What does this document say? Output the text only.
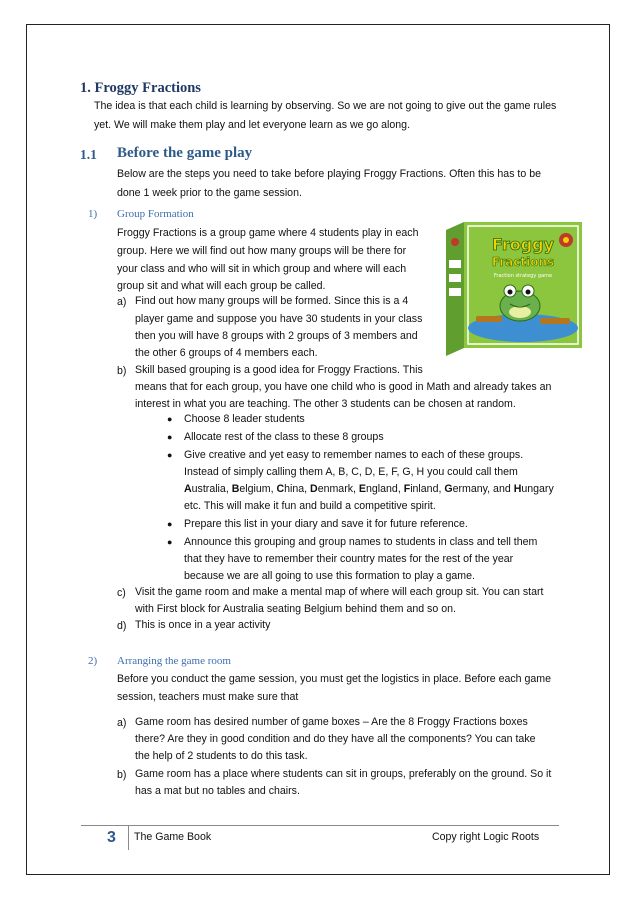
1. Froggy Fractions
The idea is that each child is learning by observing. So we are not going to give out the game rules
yet. We will make them play and let everyone learn as we go along.
1.1 Before the game play
Below are the steps you need to take before playing Froggy Fractions. Often this has to be
done 1 week prior to the game session.
1) Group Formation
Froggy Fractions is a group game where 4 students play in each
group. Here we will find out how many groups will be there for
your class and who will sit in which group and where will each
group sit and what will each group be called.
a) Find out how many groups will be formed. Since this is a 4
player game and suppose you have 30 students in your class
then you will have 8 groups with 2 groups of 3 members and
the other 6 groups of 4 members each.
b) Skill based grouping is a good idea for Froggy Fractions. This
means that for each group, you have one child who is good in Math and already takes an
interest in what you are teaching. The other 3 students can be chosen at random.
● Choose 8 leader students
● Allocate rest of the class to these 8 groups
● Give creative and yet easy to remember names to each of these groups.
Instead of simply calling them A, B, C, D, E, F, G, H you could call them
Australia, Belgium, China, Denmark, England, Finland, Germany, and Hungary
etc. This will make it fun and build a competitive spirit.
● Prepare this list in your diary and save it for future reference.
● Announce this grouping and group names to students in class and tell them
that they have to remember their country mates for the rest of the year
because we are all going to use this formation to play a game.
c) Visit the game room and make a mental map of where will each group sit. You can start
with First block for Australia seating Belgium behind them and so on.
d) This is once in a year activity
Froggy
Fractions
Fraction strategy game
2) Arranging the game room
Before you conduct the game session, you must get the logistics in place. Before each game
session, teachers must make sure that
a) Game room has desired number of game boxes – Are the 8 Froggy Fractions boxes
there? Are they in good condition and do they have all the components? You can take
the help of 2 students to do this task.
b) Game room has a place where students can sit in groups, preferably on the ground. So it
has a mat but no tables and chairs.
3 The Game Book	Copy right Logic Roots
